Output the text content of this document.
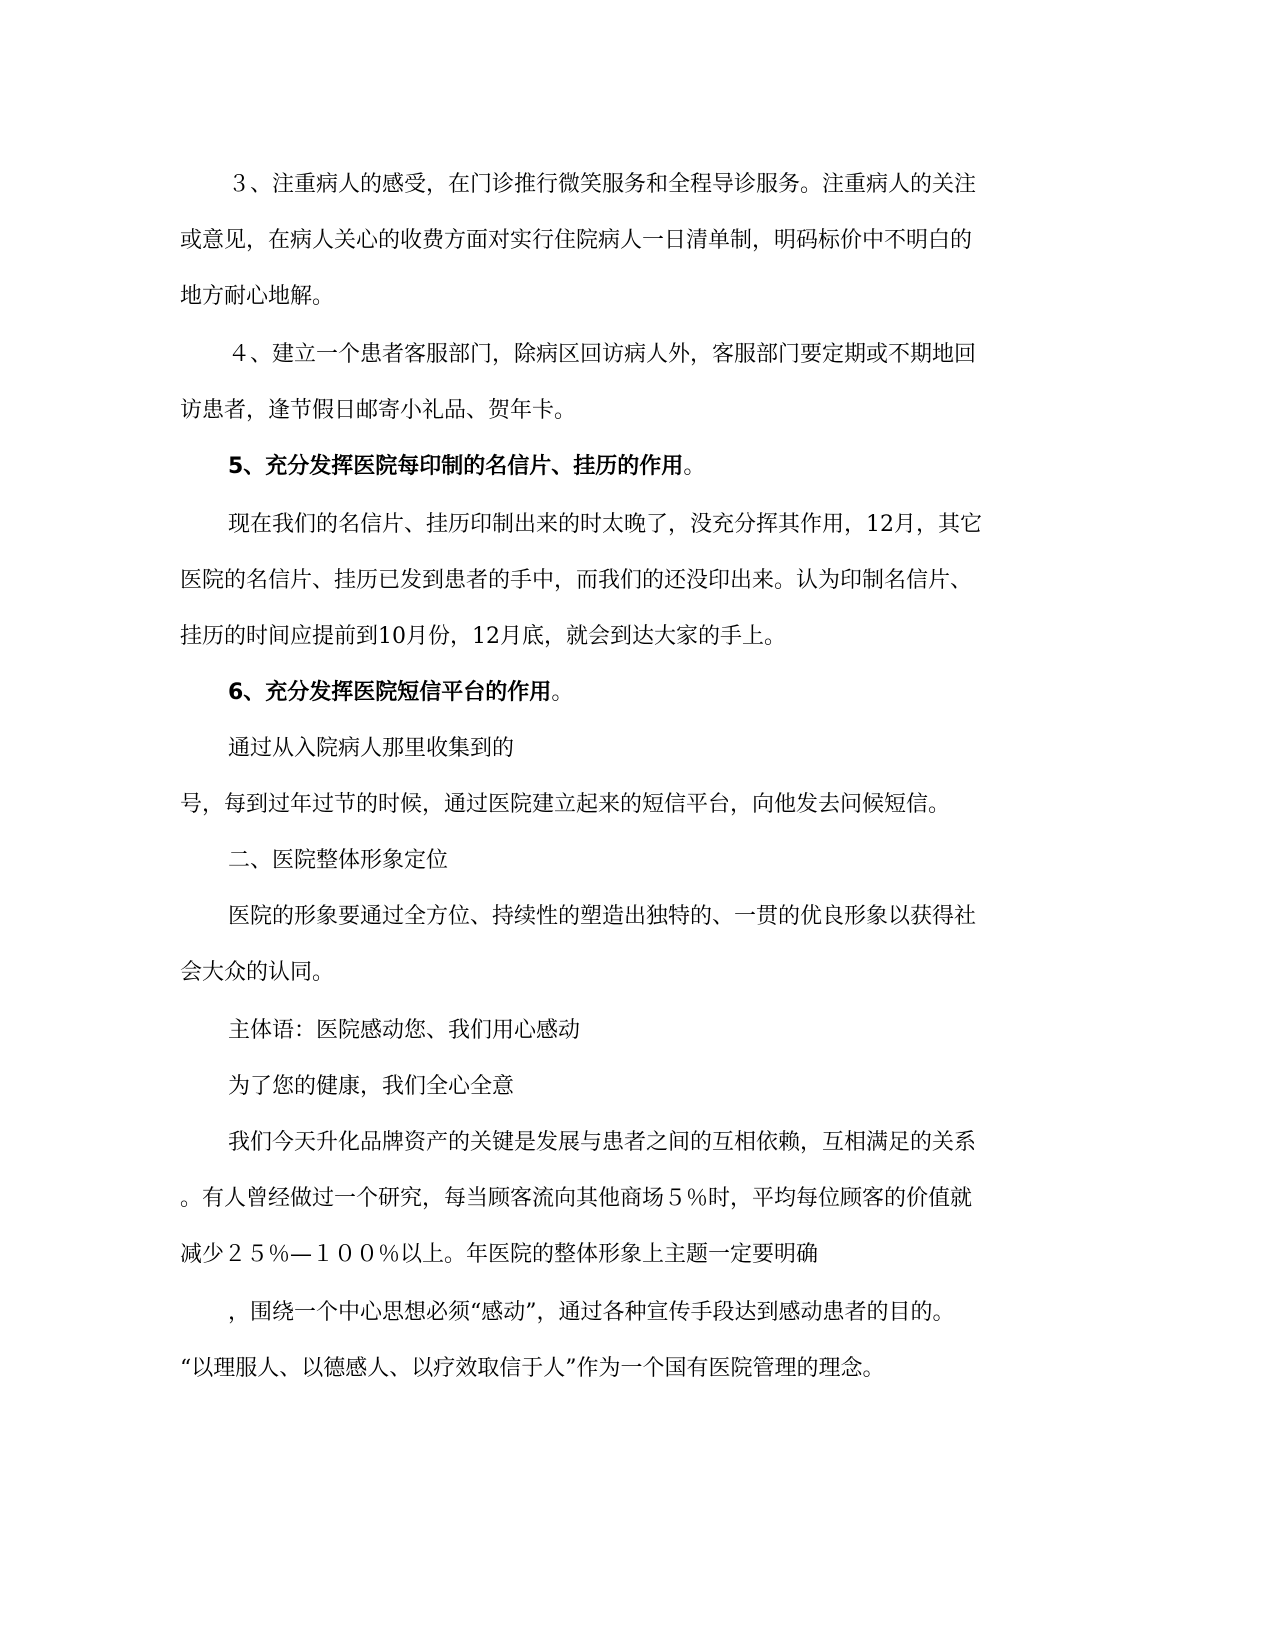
３、注重病人的感受，在门诊推行微笑服务和全程导诊服务。注重病人的关注
或意见，在病人关心的收费方面对实行住院病人一日清单制，明码标价中不明白的
地方耐心地解。
４、建立一个患者客服部门，除病区回访病人外，客服部门要定期或不期地回
访患者，逢节假日邮寄小礼品、贺年卡。
5、充分发挥医院每印制的名信片、挂历的作用。
现在我们的名信片、挂历印制出来的时太晚了，没充分挥其作用，12月，其它
医院的名信片、挂历已发到患者的手中，而我们的还没印出来。认为印制名信片、
挂历的时间应提前到10月份，12月底，就会到达大家的手上。
6、充分发挥医院短信平台的作用。
通过从入院病人那里收集到的
号，每到过年过节的时候，通过医院建立起来的短信平台，向他发去问候短信。
二、医院整体形象定位
医院的形象要通过全方位、持续性的塑造出独特的、一贯的优良形象以获得社
会大众的认同。
主体语：医院感动您、我们用心感动
为了您的健康，我们全心全意
我们今天升化品牌资产的关键是发展与患者之间的互相依赖，互相满足的关系
。有人曾经做过一个研究，每当顾客流向其他商场５％时，平均每位顾客的价值就
减少２５％—１００％以上。年医院的整体形象上主题一定要明确
，围绕一个中心思想必须“感动”，通过各种宣传手段达到感动患者的目的。
“以理服人、以德感人、以疗效取信于人”作为一个国有医院管理的理念。
